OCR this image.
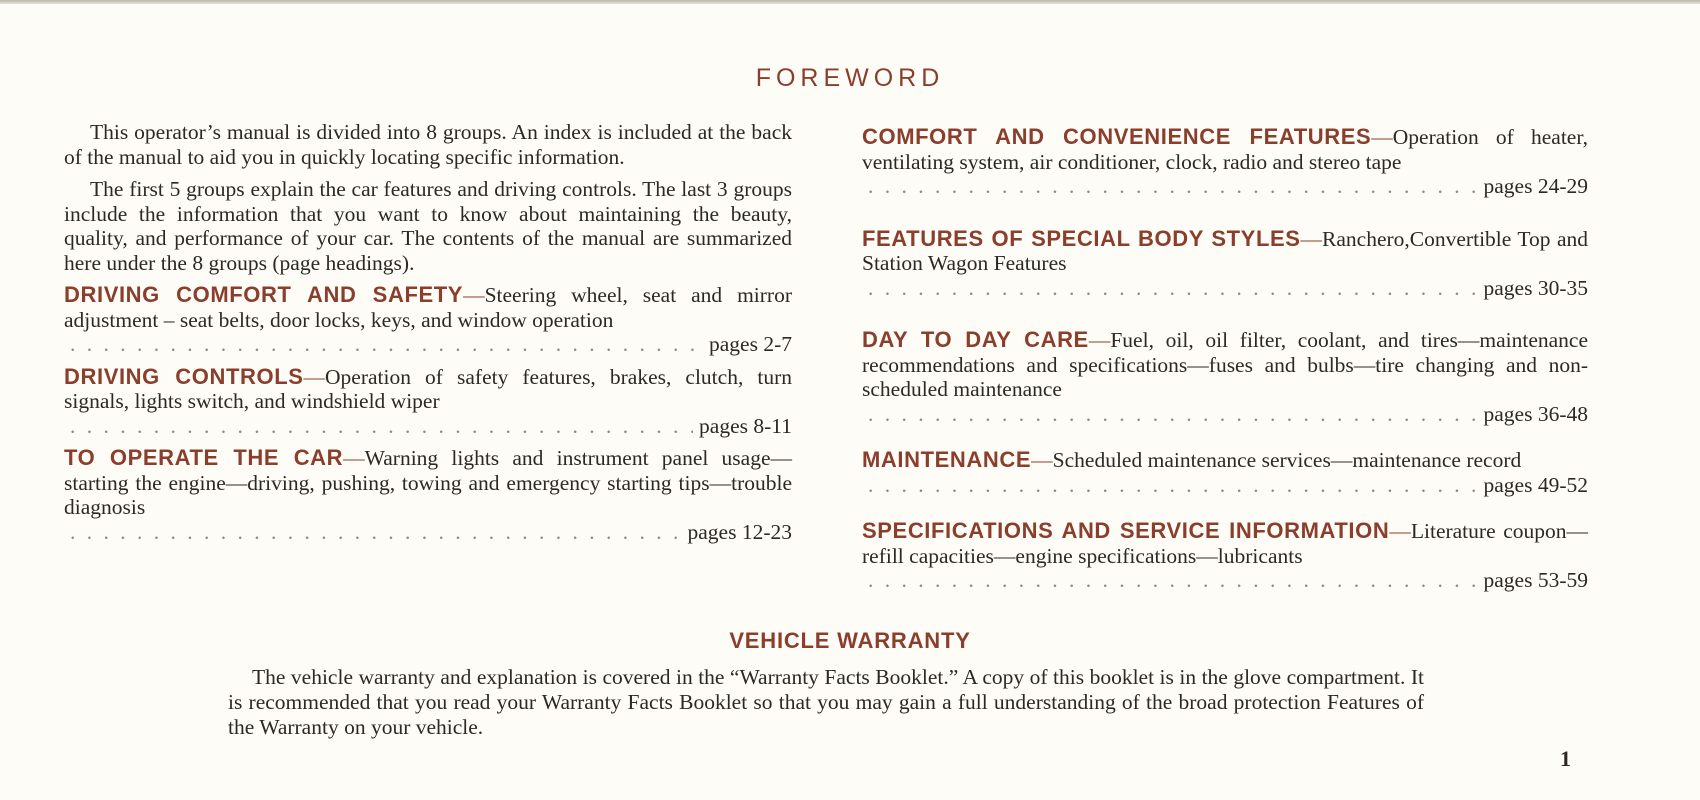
FOREWORD

This operator’s manual is divided into 8 groups. An index is included at the back of the manual to aid you in quickly locating specific information.

The first 5 groups explain the car features and driving controls. The last 3 groups include the information that you want to know about maintaining the beauty, quality, and performance of your car. The contents of the manual are summarized here under the 8 groups (page headings).

DRIVING COMFORT AND SAFETY—Steering wheel, seat and mirror adjustment – seat belts, door locks, keys, and window operation
. . .
pages 2-7
DRIVING CONTROLS—Operation of safety features, brakes, clutch, turn signals, lights switch, and windshield wiper
. . .
pages 8-11
TO OPERATE THE CAR—Warning lights and instrument panel usage—starting the engine—driving, pushing, towing and emergency starting tips—trouble diagnosis
. . .
pages 12-23
COMFORT AND CONVENIENCE FEATURES—Operation of heater, ventilating system, air conditioner, clock, radio and stereo tape
. . .
pages 24-29
FEATURES OF SPECIAL BODY STYLES—Ranchero,Convertible Top and Station Wagon Features
. . .
pages 30-35
DAY TO DAY CARE—Fuel, oil, oil filter, coolant, and tires—maintenance recommendations and specifications—fuses and bulbs—tire changing and non-scheduled maintenance
. . .
pages 36-48
MAINTENANCE—Scheduled maintenance services—maintenance record
. . .
pages 49-52
SPECIFICATIONS AND SERVICE INFORMATION—Literature coupon—refill capacities—engine specifications—lubricants
. . .
pages 53-59
VEHICLE WARRANTY
The vehicle warranty and explanation is covered in the “Warranty Facts Booklet.” A copy of this booklet is in the glove compartment. It is recommended that you read your Warranty Facts Booklet so that you may gain a full understanding of the broad protection Features of the Warranty on your vehicle.
1
